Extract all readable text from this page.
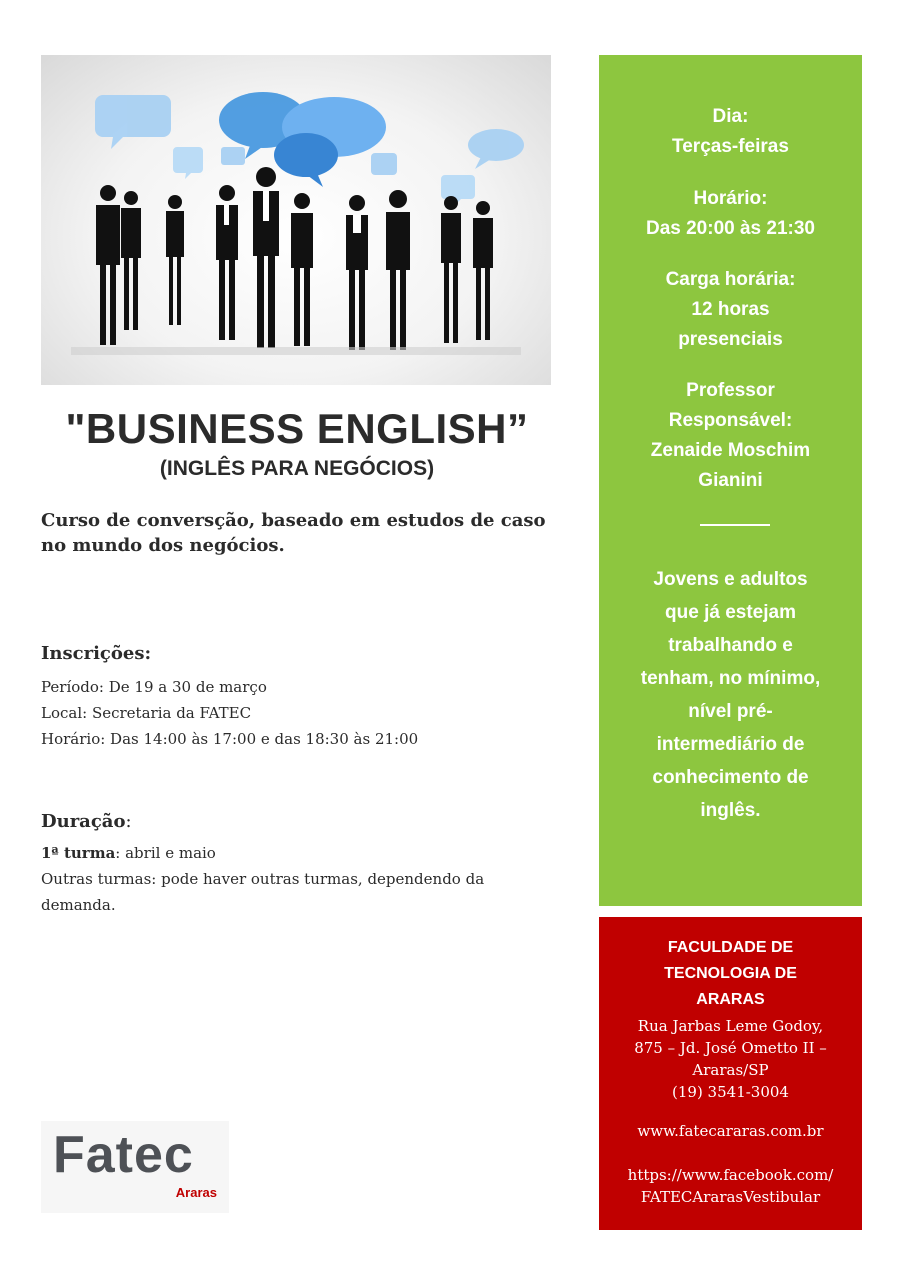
"BUSINESS ENGLISH”
(INGLÊS PARA NEGÓCIOS)

Curso de conversção, baseado em estudos de caso no mundo dos negócios.

Inscrições:

Período: De 19 a 30 de março

Local: Secretaria da FATEC

Horário: Das 14:00 às 17:00 e das 18:30 às 21:00

Duração:

1ª turma: abril e maio

Outras turmas: pode haver outras turmas, dependendo da demanda.

Fatec
Araras

Dia:

Terças-feiras

Horário:

Das 20:00 às 21:30

Carga horária:

12 horas

presenciais

Professor

Responsável:

Zenaide Moschim

Gianini

Jovens e adultos

que já estejam

trabalhando e

tenham, no mínimo,

nível pré-

intermediário de

conhecimento de

inglês.

FACULDADE DE

TECNOLOGIA DE

ARARAS

Rua Jarbas Leme Godoy,

875 – Jd. José Ometto II –

Araras/SP

(19) 3541-3004

www.fatecararas.com.br

https://www.facebook.com/

FATECArarasVestibular
